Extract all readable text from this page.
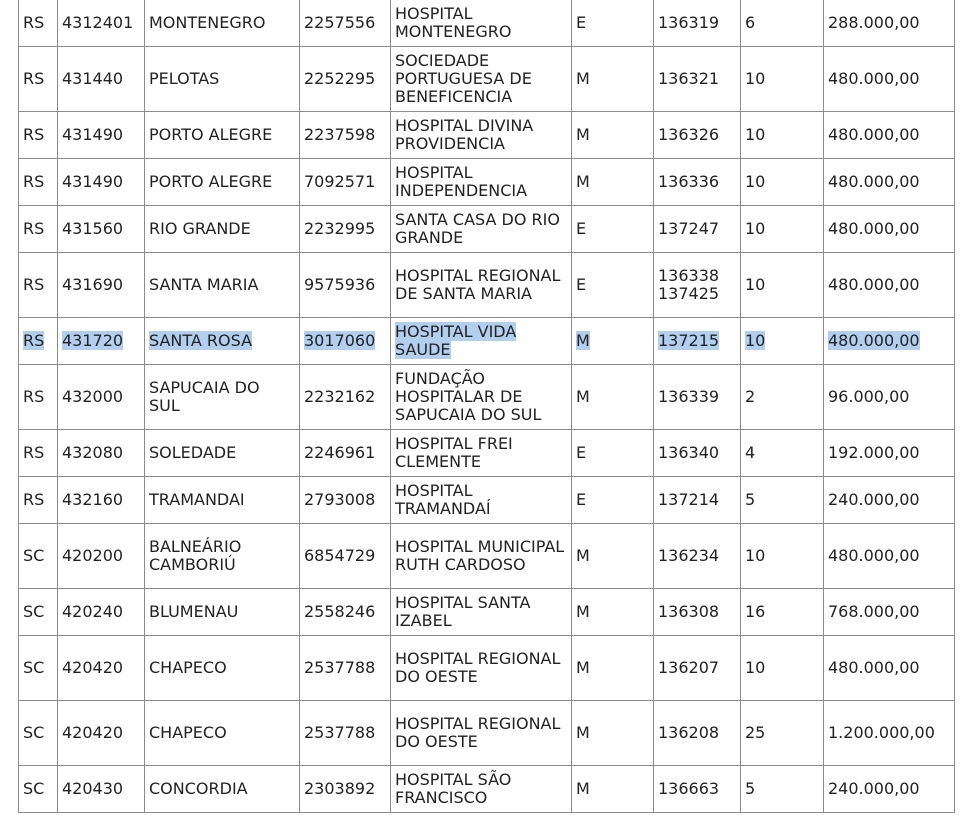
RS	4312401	MONTENEGRO	2257556	HOSPITAL MONTENEGRO	E	136319	6	288.000,00
RS	431440	PELOTAS	2252295	SOCIEDADE PORTUGUESA DE BENEFICENCIA	M	136321	10	480.000,00
RS	431490	PORTO ALEGRE	2237598	HOSPITAL DIVINA PROVIDENCIA	M	136326	10	480.000,00
RS	431490	PORTO ALEGRE	7092571	HOSPITAL INDEPENDENCIA	M	136336	10	480.000,00
RS	431560	RIO GRANDE	2232995	SANTA CASA DO RIO GRANDE	E	137247	10	480.000,00
RS	431690	SANTA MARIA	9575936	HOSPITAL REGIONAL DE SANTA MARIA	E	136338 137425	10	480.000,00
RS	431720	SANTA ROSA	3017060	HOSPITAL VIDA SAUDE	M	137215	10	480.000,00
RS	432000	SAPUCAIA DO SUL	2232162	FUNDAÇÃO HOSPITALAR DE SAPUCAIA DO SUL	M	136339	2	96.000,00
RS	432080	SOLEDADE	2246961	HOSPITAL FREI CLEMENTE	E	136340	4	192.000,00
RS	432160	TRAMANDAI	2793008	HOSPITAL TRAMANDAÍ	E	137214	5	240.000,00
SC	420200	BALNEÁRIO CAMBORIÚ	6854729	HOSPITAL MUNICIPAL RUTH CARDOSO	M	136234	10	480.000,00
SC	420240	BLUMENAU	2558246	HOSPITAL SANTA IZABEL	M	136308	16	768.000,00
SC	420420	CHAPECO	2537788	HOSPITAL REGIONAL DO OESTE	M	136207	10	480.000,00
SC	420420	CHAPECO	2537788	HOSPITAL REGIONAL DO OESTE	M	136208	25	1.200.000,00
SC	420430	CONCORDIA	2303892	HOSPITAL SÃO FRANCISCO	M	136663	5	240.000,00
